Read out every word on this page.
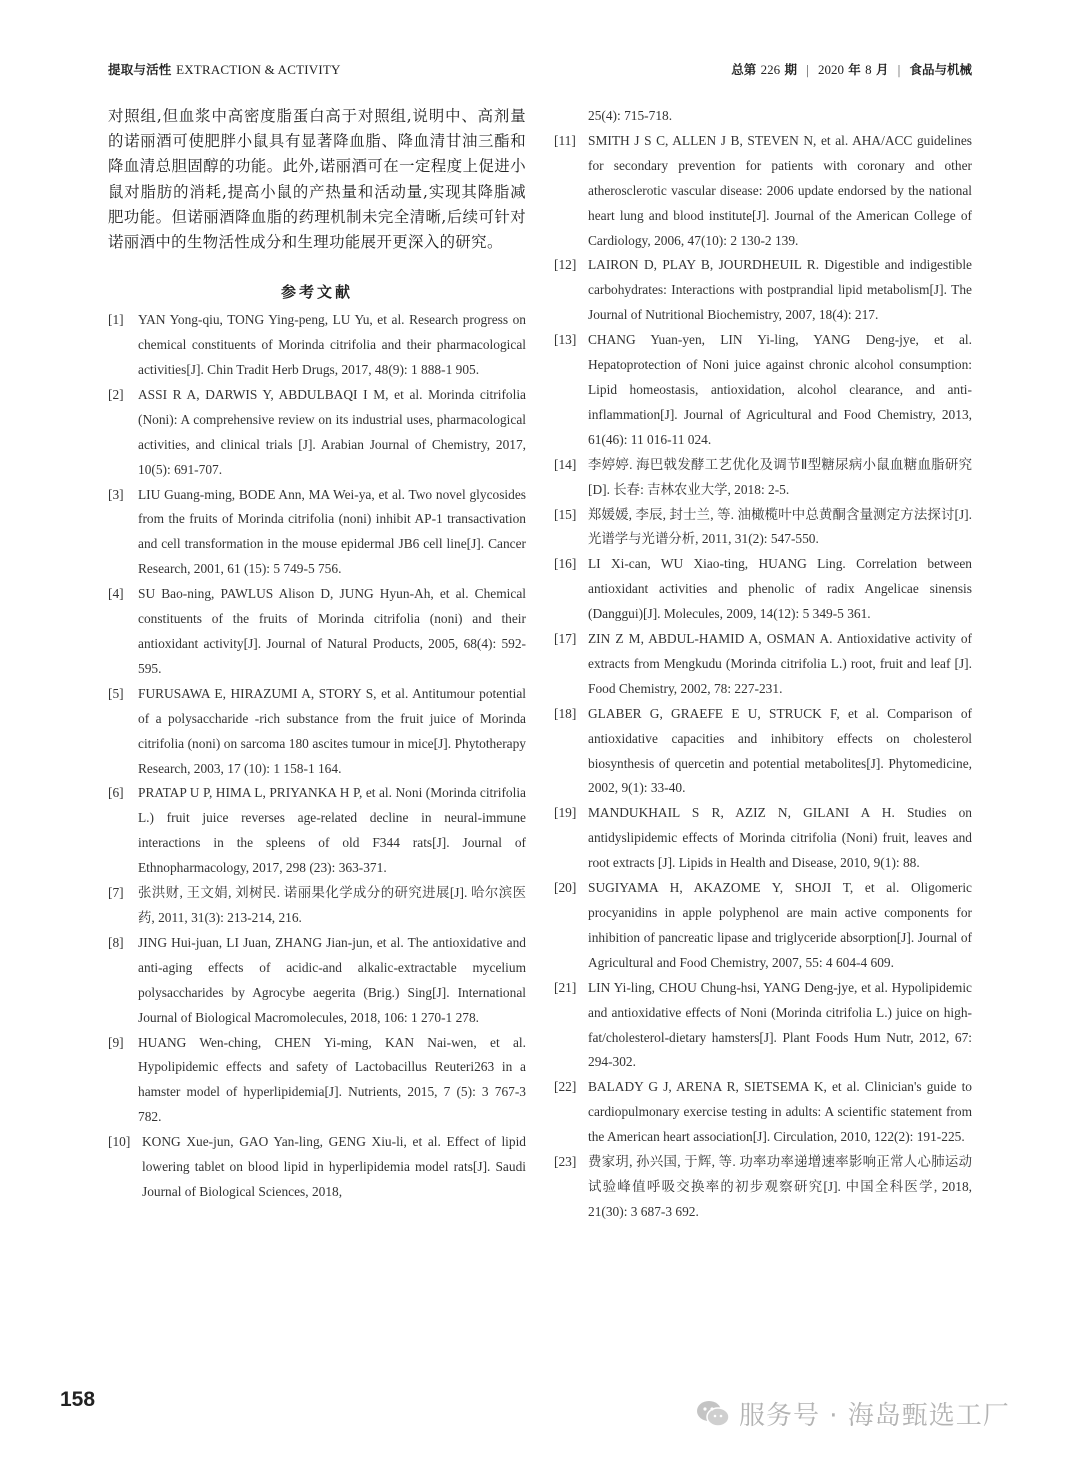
提取与活性 EXTRACTION & ACTIVITY	总第 226 期 | 2020 年 8 月 | 食品与机械

对照组,但血浆中高密度脂蛋白高于对照组,说明中、高剂量的诺丽酒可使肥胖小鼠具有显著降血脂、降血清甘油三酯和降血清总胆固醇的功能。此外,诺丽酒可在一定程度上促进小鼠对脂肪的消耗,提高小鼠的产热量和活动量,实现其降脂减肥功能。但诺丽酒降血脂的药理机制未完全清晰,后续可针对诺丽酒中的生物活性成分和生理功能展开更深入的研究。

参考文献
[1]	YAN Yong-qiu, TONG Ying-peng, LU Yu, et al. Research progress on chemical constituents of Morinda citrifolia and their pharmacological activities[J]. Chin Tradit Herb Drugs, 2017, 48(9): 1 888-1 905.
[2]	ASSI R A, DARWIS Y, ABDULBAQI I M, et al. Morinda citrifolia (Noni): A comprehensive review on its industrial uses, pharmacological activities, and clinical trials [J]. Arabian Journal of Chemistry, 2017, 10(5): 691-707.
[3]	LIU Guang-ming, BODE Ann, MA Wei-ya, et al. Two novel glycosides from the fruits of Morinda citrifolia (noni) inhibit AP-1 transactivation and cell transformation in the mouse epidermal JB6 cell line[J]. Cancer Research, 2001, 61 (15): 5 749-5 756.
[4]	SU Bao-ning, PAWLUS Alison D, JUNG Hyun-Ah, et al. Chemical constituents of the fruits of Morinda citrifolia (noni) and their antioxidant activity[J]. Journal of Natural Products, 2005, 68(4): 592-595.
[5]	FURUSAWA E, HIRAZUMI A, STORY S, et al. Antitumour potential of a polysaccharide -rich substance from the fruit juice of Morinda citrifolia (noni) on sarcoma 180 ascites tumour in mice[J]. Phytotherapy Research, 2003, 17 (10): 1 158-1 164.
[6]	PRATAP U P, HIMA L, PRIYANKA H P, et al. Noni (Morinda citrifolia L.) fruit juice reverses age-related decline in neural-immune interactions in the spleens of old F344 rats[J]. Journal of Ethnopharmacology, 2017, 298 (23): 363-371.
[7]	张洪财, 王文娟, 刘树民. 诺丽果化学成分的研究进展[J]. 哈尔滨医药, 2011, 31(3): 213-214, 216.
[8]	JING Hui-juan, LI Juan, ZHANG Jian-jun, et al. The antioxidative and anti-aging effects of acidic-and alkalic-extractable mycelium polysaccharides by Agrocybe aegerita (Brig.) Sing[J]. International Journal of Biological Macromolecules, 2018, 106: 1 270-1 278.
[9]	HUANG Wen-ching, CHEN Yi-ming, KAN Nai-wen, et al. Hypolipidemic effects and safety of Lactobacillus Reuteri263 in a hamster model of hyperlipidemia[J]. Nutrients, 2015, 7 (5): 3 767-3 782.
[10] KONG Xue-jun, GAO Yan-ling, GENG Xiu-li, et al. Effect of lipid lowering tablet on blood lipid in hyperlipidemia model rats[J]. Saudi Journal of Biological Sciences, 2018,
25(4): 715-718.
[11] SMITH J S C, ALLEN J B, STEVEN N, et al. AHA/ACC guidelines for secondary prevention for patients with coronary and other atherosclerotic vascular disease: 2006 update endorsed by the national heart lung and blood institute[J]. Journal of the American College of Cardiology, 2006, 47(10): 2 130-2 139.
[12] LAIRON D, PLAY B, JOURDHEUIL R. Digestible and indigestible carbohydrates: Interactions with postprandial lipid metabolism[J]. The Journal of Nutritional Biochemistry, 2007, 18(4): 217.
[13] CHANG Yuan-yen, LIN Yi-ling, YANG Deng-jye, et al. Hepatoprotection of Noni juice against chronic alcohol consumption: Lipid homeostasis, antioxidation, alcohol clearance, and anti-inflammation[J]. Journal of Agricultural and Food Chemistry, 2013, 61(46): 11 016-11 024.
[14] 李婷婷. 海巴戟发酵工艺优化及调节Ⅱ型糖尿病小鼠血糖血脂研究[D]. 长春: 吉林农业大学, 2018: 2-5.
[15] 郑媛媛, 李辰, 封士兰, 等. 油橄榄叶中总黄酮含量测定方法探讨[J]. 光谱学与光谱分析, 2011, 31(2): 547-550.
[16] LI Xi-can, WU Xiao-ting, HUANG Ling. Correlation between antioxidant activities and phenolic of radix Angelicae sinensis (Danggui)[J]. Molecules, 2009, 14(12): 5 349-5 361.
[17] ZIN Z M, ABDUL-HAMID A, OSMAN A. Antioxidative activity of extracts from Mengkudu (Morinda citrifolia L.) root, fruit and leaf [J]. Food Chemistry, 2002, 78: 227-231.
[18] GLABER G, GRAEFE E U, STRUCK F, et al. Comparison of antioxidative capacities and inhibitory effects on cholesterol biosynthesis of quercetin and potential metabolites[J]. Phytomedicine, 2002, 9(1): 33-40.
[19] MANDUKHAIL S R, AZIZ N, GILANI A H. Studies on antidyslipidemic effects of Morinda citrifolia (Noni) fruit, leaves and root extracts [J]. Lipids in Health and Disease, 2010, 9(1): 88.
[20] SUGIYAMA H, AKAZOME Y, SHOJI T, et al. Oligomeric procyanidins in apple polyphenol are main active components for inhibition of pancreatic lipase and triglyceride absorption[J]. Journal of Agricultural and Food Chemistry, 2007, 55: 4 604-4 609.
[21] LIN Yi-ling, CHOU Chung-hsi, YANG Deng-jye, et al. Hypolipidemic and antioxidative effects of Noni (Morinda citrifolia L.) juice on high-fat/cholesterol-dietary hamsters[J]. Plant Foods Hum Nutr, 2012, 67: 294-302.
[22] BALADY G J, ARENA R, SIETSEMA K, et al. Clinician's guide to cardiopulmonary exercise testing in adults: A scientific statement from the American heart association[J]. Circulation, 2010, 122(2): 191-225.
[23] 费家玥, 孙兴国, 于辉, 等. 功率功率递增速率影响正常人心肺运动试验峰值呼吸交换率的初步观察研究[J]. 中国全科医学, 2018, 21(30): 3 687-3 692.
158
服务号 · 海岛甄选工厂
